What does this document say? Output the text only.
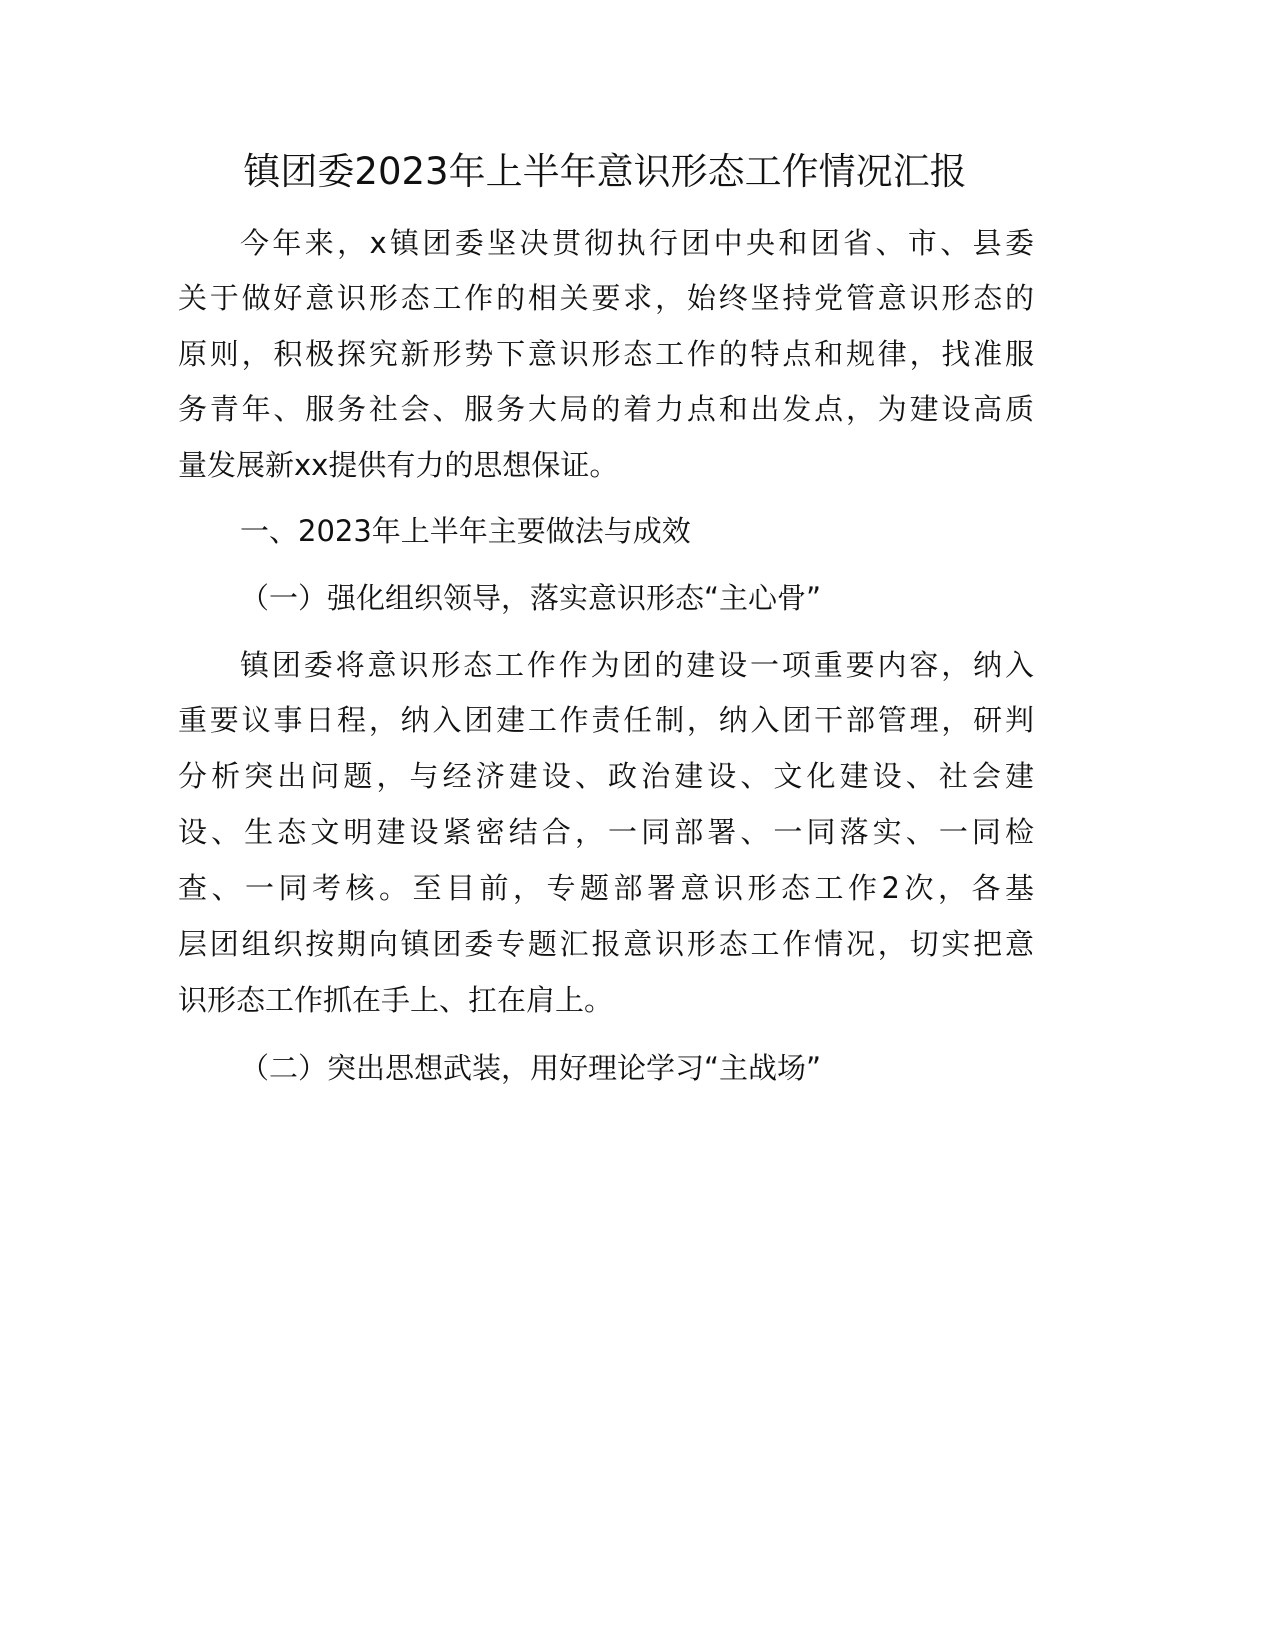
镇团委2023年上半年意识形态工作情况汇报
今年来，x镇团委坚决贯彻执行团中央和团省、市、县委
关于做好意识形态工作的相关要求，始终坚持党管意识形态的
原则，积极探究新形势下意识形态工作的特点和规律，找准服
务青年、服务社会、服务大局的着力点和出发点，为建设高质
量发展新xx提供有力的思想保证。
一、2023年上半年主要做法与成效
（一）强化组织领导，落实意识形态“主心骨”
镇团委将意识形态工作作为团的建设一项重要内容，纳入
重要议事日程，纳入团建工作责任制，纳入团干部管理，研判
分析突出问题，与经济建设、政治建设、文化建设、社会建
设、生态文明建设紧密结合，一同部署、一同落实、一同检
查、一同考核。至目前，专题部署意识形态工作2次，各基
层团组织按期向镇团委专题汇报意识形态工作情况，切实把意
识形态工作抓在手上、扛在肩上。
（二）突出思想武装，用好理论学习“主战场”
